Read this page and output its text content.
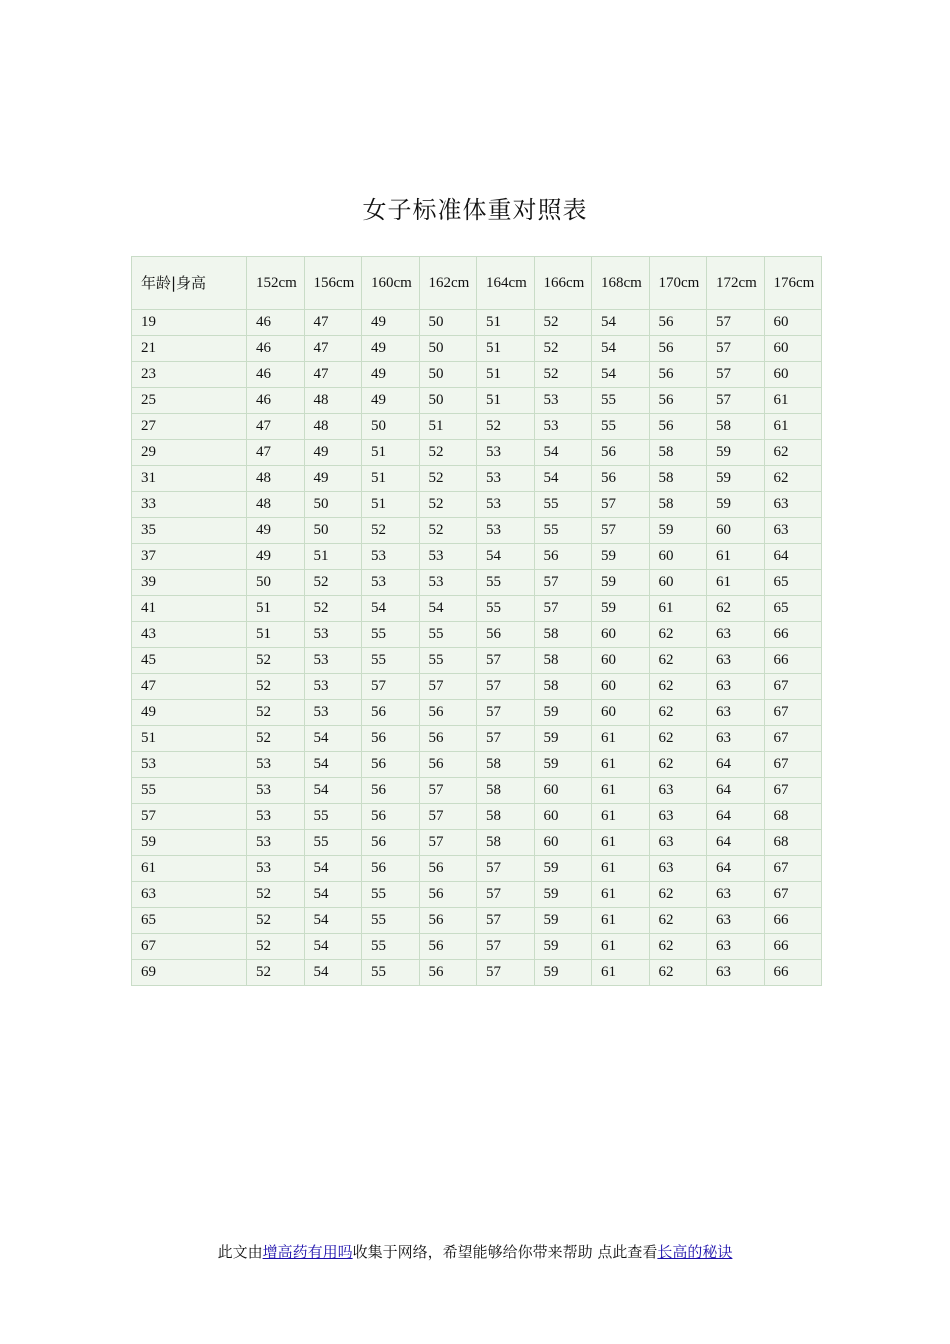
女子标准体重对照表
年龄|身高	152cm	156cm	160cm	162cm	164cm	166cm	168cm	170cm	172cm	176cm
19	46	47	49	50	51	52	54	56	57	60
21	46	47	49	50	51	52	54	56	57	60
23	46	47	49	50	51	52	54	56	57	60
25	46	48	49	50	51	53	55	56	57	61
27	47	48	50	51	52	53	55	56	58	61
29	47	49	51	52	53	54	56	58	59	62
31	48	49	51	52	53	54	56	58	59	62
33	48	50	51	52	53	55	57	58	59	63
35	49	50	52	52	53	55	57	59	60	63
37	49	51	53	53	54	56	59	60	61	64
39	50	52	53	53	55	57	59	60	61	65
41	51	52	54	54	55	57	59	61	62	65
43	51	53	55	55	56	58	60	62	63	66
45	52	53	55	55	57	58	60	62	63	66
47	52	53	57	57	57	58	60	62	63	67
49	52	53	56	56	57	59	60	62	63	67
51	52	54	56	56	57	59	61	62	63	67
53	53	54	56	56	58	59	61	62	64	67
55	53	54	56	57	58	60	61	63	64	67
57	53	55	56	57	58	60	61	63	64	68
59	53	55	56	57	58	60	61	63	64	68
61	53	54	56	56	57	59	61	63	64	67
63	52	54	55	56	57	59	61	62	63	67
65	52	54	55	56	57	59	61	62	63	66
67	52	54	55	56	57	59	61	62	63	66
69	52	54	55	56	57	59	61	62	63	66
此文由增高药有用吗收集于网络，希望能够给你带来帮助 点此查看长高的秘诀
